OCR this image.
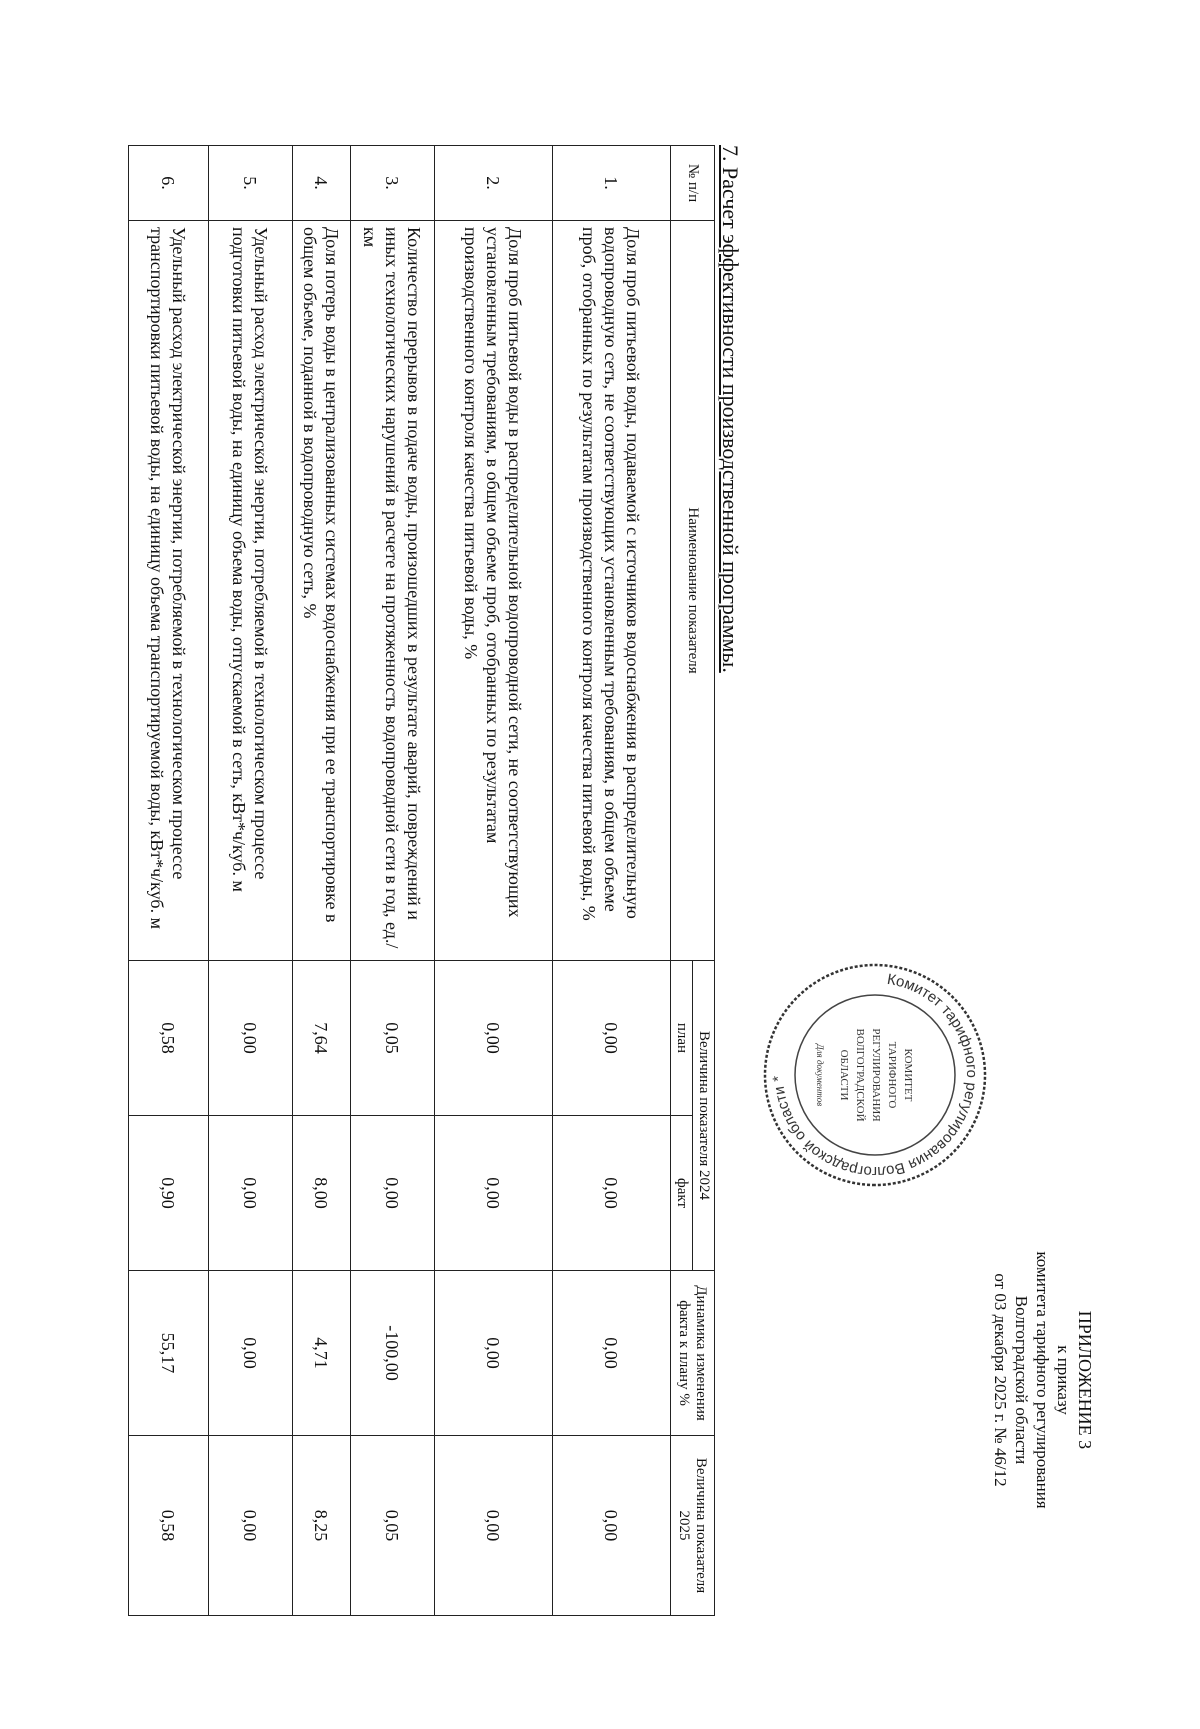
ПРИЛОЖЕНИЕ 3
к приказу
комитета тарифного регулирования
Волгоградской области
от 03 декабря 2025 г. № 46/12
Комитет тарифного регулирования Волгоградской области *	КОМИТЕТ
ТАРИФНОГО
РЕГУЛИРОВАНИЯ
ВОЛГОГРАДСКОЙ
ОБЛАСТИ
Для документов
7. Расчет эффективности производственной программы.
№ п/п	Наименование показателя	Величина показателя 2024		Динамика изменения факта к плану %	Величина показателя 2025
		план	факт		
1.	Доля проб питьевой воды, подаваемой с источников водоснабжения в распределительную водопроводную сеть, не соответствующих установленным требованиям, в общем объеме проб, отобранных по результатам производственного контроля качества питьевой воды, %	0,00	0,00	0,00	0,00
2.	Доля проб питьевой воды в распределительной водопроводной сети, не соответствующих установленным требованиям, в общем объеме проб, отобранных по результатам производственного контроля качества питьевой воды, %	0,00	0,00	0,00	0,00
3.	Количество перерывов в подаче воды, произошедших в результате аварий, повреждений и иных технологических нарушений в расчете на протяженность водопроводной сети в год, ед./км	0,05	0,00	-100,00	0,05
4.	Доля потерь воды в централизованных системах водоснабжения при ее транспортировке в общем объеме, поданной в водопроводную сеть, %	7,64	8,00	4,71	8,25
5.	Удельный расход электрической энергии, потребляемой в технологическом процессе подготовки питьевой воды, на единицу объема воды, отпускаемой в сеть, кВт*ч/куб. м	0,00	0,00	0,00	0,00
6.	Удельный расход электрической энергии, потребляемой в технологическом процессе транспортировки питьевой воды, на единицу объема транспортируемой воды, кВт*ч/куб. м	0,58	0,90	55,17	0,58
